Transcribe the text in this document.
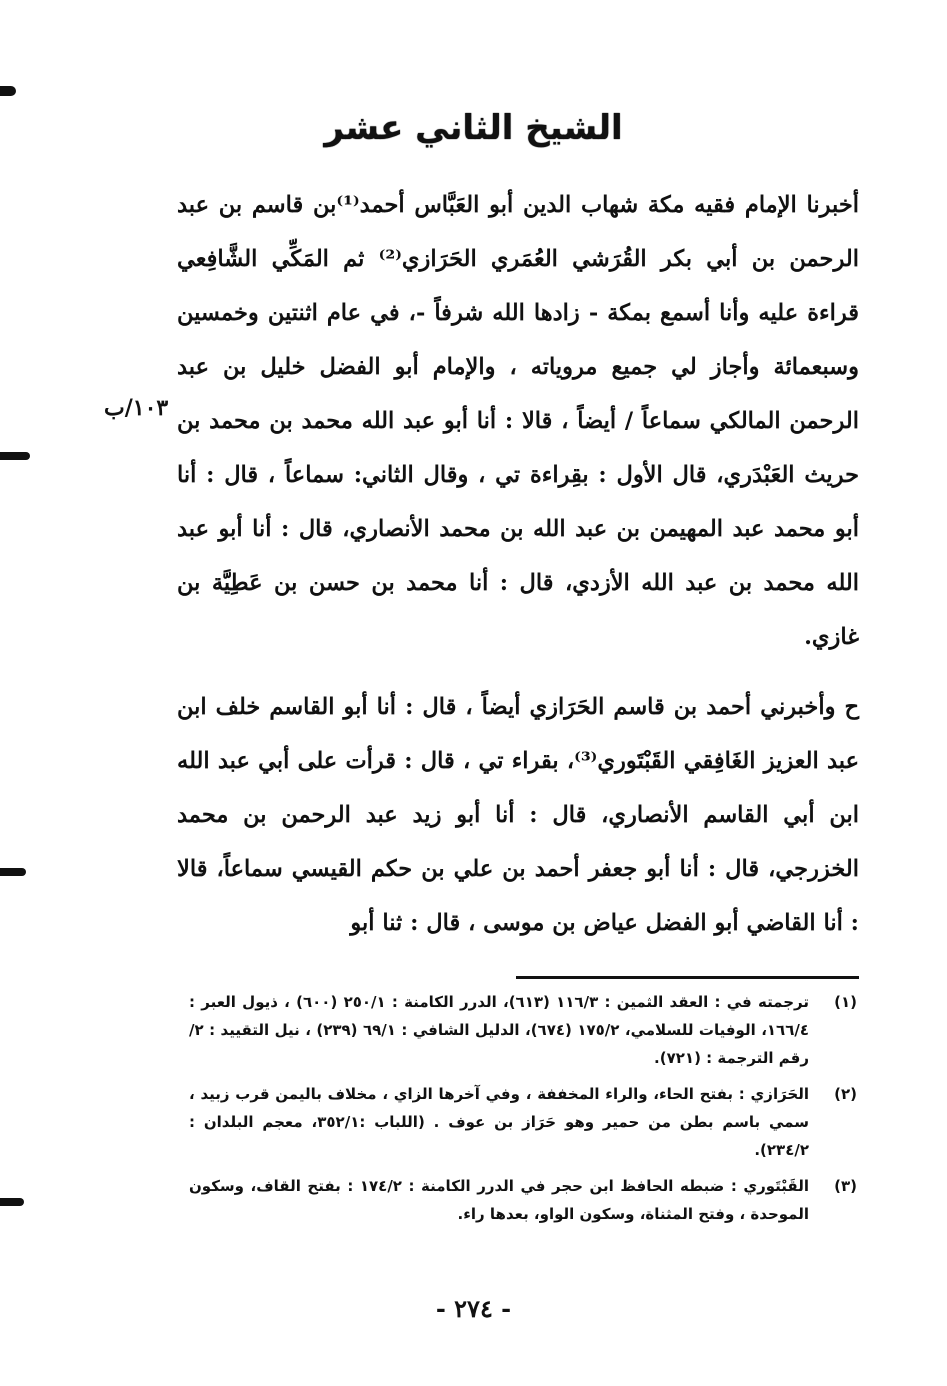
الشيخ الثاني عشر
١٠٣/ب

أخبرنا الإمام فقيه مكة شهاب الدين أبو العَبَّاس أحمد⁽¹⁾بن قاسم بن عبد الرحمن بن أبي بكر القُرَشي العُمَري الحَرَازي⁽²⁾ ثم المَكِّي الشَّافِعي قراءة عليه وأنا أسمع بمكة - زادها الله شرفاً -، في عام اثنتين وخمسين وسبعمائة وأجاز لي جميع مروياته ، والإمام أبو الفضل خليل بن عبد الرحمن المالكي سماعاً / أيضاً ، قالا : أنا أبو عبد الله محمد بن محمد بن حريث العَبْدَري، قال الأول : بقِراءة تي ، وقال الثاني: سماعاً ، قال : أنا أبو محمد عبد المهيمن بن عبد الله بن محمد الأنصاري، قال : أنا أبو عبد الله محمد بن عبد الله الأزدي، قال : أنا محمد بن حسن بن عَطِيَّة بن غازي.

ح وأخبرني أحمد بن قاسم الحَرَازي أيضاً ، قال : أنا أبو القاسم خلف ابن عبد العزيز الغَافِقي القَبْتَوري⁽³⁾، بقراء تي ، قال : قرأت على أبي عبد الله ابن أبي القاسم الأنصاري، قال : أنا أبو زيد عبد الرحمن بن محمد الخزرجي، قال : أنا أبو جعفر أحمد بن علي بن حكم القيسي سماعاً، قالا : أنا القاضي أبو الفضل عياض بن موسى ، قال : ثنا أبو

(١)
ترجمته في : العقد الثمين : ١١٦/٣ (٦١٣)، الدرر الكامنة : ٢٥٠/١ (٦٠٠) ، ذيول العبر : ١٦٦/٤، الوفيات للسلامي، ١٧٥/٢ (٦٧٤)، الدليل الشافي : ٦٩/١ (٢٣٩) ، نيل التقييد : ٢/رقم الترجمة : (٧٢١).
(٢)
الحَرَازي : بفتح الحاء، والراء المخففة ، وفي آخرها الزاي ، مخلاف باليمن قرب زبيد ، سمي باسم بطن من حمير وهو حَرَاز بن عوف . (اللباب :٣٥٢/١، معجم البلدان : ٢٣٤/٢).
(٣)
القَبْتَوري : ضبطه الحافظ ابن حجر في الدرر الكامنة : ١٧٤/٢ : بفتح القاف، وسكون الموحدة ، وفتح المثناة، وسكون الواو، بعدها راء.
- ٢٧٤ -
